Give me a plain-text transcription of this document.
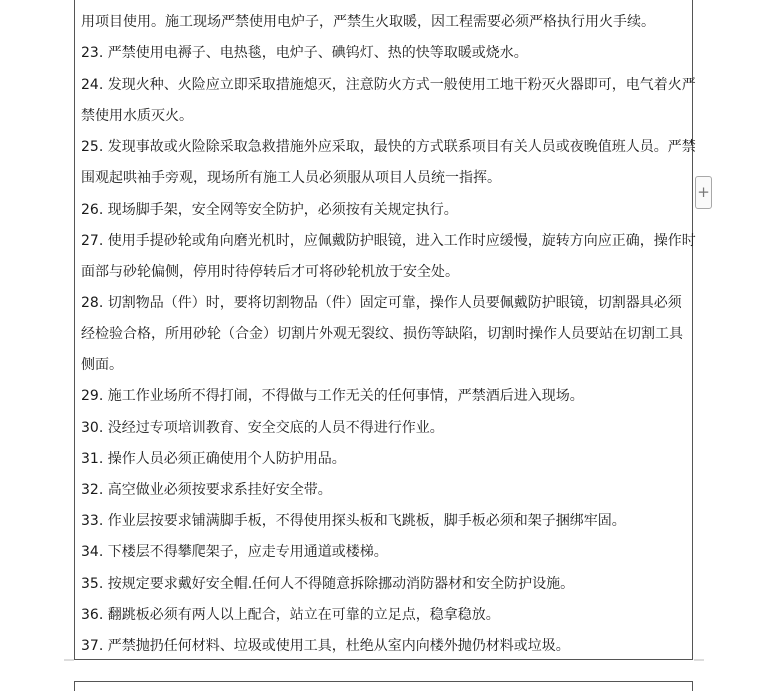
用项目使用。施工现场严禁使用电炉子，严禁生火取暖，因工程需要必须严格执行用火手续。
23. 严禁使用电褥子、电热毯，电炉子、碘钨灯、热的快等取暖或烧水。
24. 发现火种、火险应立即采取措施熄灭，注意防火方式一般使用工地干粉灭火器即可，电气着火严
禁使用水质灭火。
25. 发现事故或火险除采取急救措施外应采取，最快的方式联系项目有关人员或夜晚值班人员。严禁
围观起哄袖手旁观，现场所有施工人员必须服从项目人员统一指挥。
26. 现场脚手架，安全网等安全防护，必须按有关规定执行。
27. 使用手提砂轮或角向磨光机时，应佩戴防护眼镜，进入工作时应缓慢，旋转方向应正确，操作时
面部与砂轮偏侧，停用时待停转后才可将砂轮机放于安全处。
28. 切割物品（件）时，要将切割物品（件）固定可靠，操作人员要佩戴防护眼镜，切割器具必须
经检验合格，所用砂轮（合金）切割片外观无裂纹、损伤等缺陷，切割时操作人员要站在切割工具
侧面。
29. 施工作业场所不得打闹，不得做与工作无关的任何事情，严禁酒后进入现场。
30. 没经过专项培训教育、安全交底的人员不得进行作业。
31. 操作人员必须正确使用个人防护用品。
32. 高空做业必须按要求系挂好安全带。
33. 作业层按要求铺满脚手板，不得使用探头板和飞跳板，脚手板必须和架子捆绑牢固。
34. 下楼层不得攀爬架子，应走专用通道或楼梯。
35. 按规定要求戴好安全帽.任何人不得随意拆除挪动消防器材和安全防护设施。
36. 翻跳板必须有两人以上配合，站立在可靠的立足点，稳拿稳放。
37. 严禁抛扔任何材料、垃圾或使用工具，杜绝从室内向楼外抛仍材料或垃圾。
+
